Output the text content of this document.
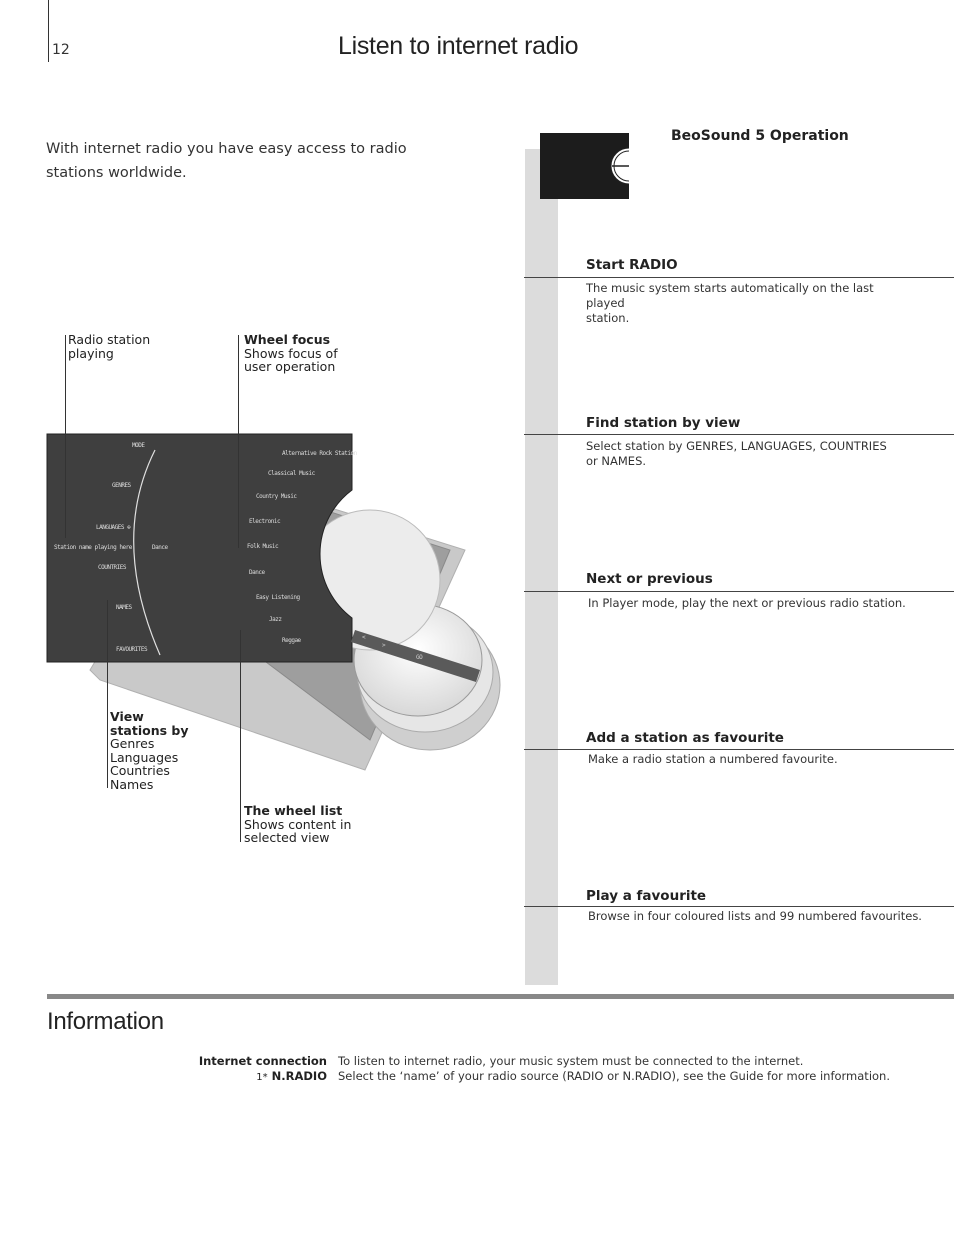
12	Listen to internet radio
With internet radio you have easy access to radio stations worldwide.
MODE
GENRES
LANGUAGES ⊕
COUNTRIES
NAMES
FAVOURITES
Station name playing here	Dance
Alternative Rock Station
Classical Music
Country Music
Electronic
Folk Music
Dance
Easy Listening
Jazz
Reggae	<
>
GO
Radio station
playing
Wheel focus
Shows focus of
user operation
View
stations by
Genres
Languages
Countries
Names
The wheel list
Shows content in
selected view
BeoSound 5 Operation
Start RADIO
The music system starts automatically on the last played
station.
Find station by view
Select station by GENRES, LANGUAGES, COUNTRIES
or NAMES.
Next or previous
In Player mode, play the next or previous radio station.
Add a station as favourite
Make a radio station a numbered favourite.
Play a favourite
Browse in four coloured lists and 99 numbered favourites.
Information
Internet connection To listen to internet radio, your music system must be connected to the internet.
1* N.RADIO Select the ‘name’ of your radio source (RADIO or N.RADIO), see the Guide for more information.
